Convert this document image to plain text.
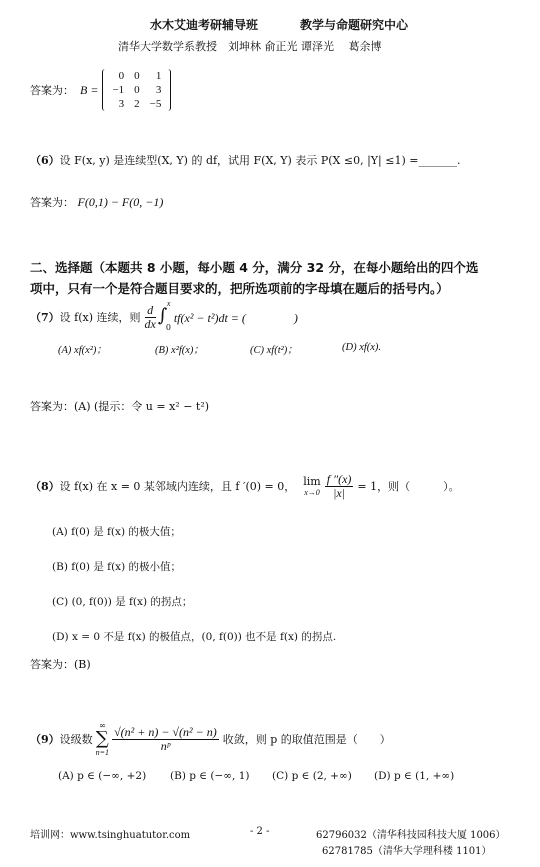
水木艾迪考研辅导班	教学与命题研究中心
清华大学数学系教授　刘坤林 俞正光 谭泽光　 葛余博
答案为： B =
0	0	1
−1	0	3
3	2	−5
（6）设 F(x, y) 是连续型(X, Y) 的 df，试用 F(X, Y) 表示 P(X ≤0, |Y| ≤1) =_______.
答案为： F(0,1) − F(0, −1)
二、选择题（本题共 8 小题，每小题 4 分，满分 32 分，在每小题给出的四个选
项中，只有一个是符合题目要求的，把所选项前的字母填在题后的括号内。）
（7） 设 f(x) 连续，则 $\frac{d}{dx}$ ∫
x
0
tf(x² − t²)dt = (　　　　)
(A) xf(x²)；	(B) x²f(x)；	(C) xf(t²)；	(D) xf(x).
答案为：(A) (提示：令 u = x² − t²)
（8） 设 f(x) 在 x = 0 某邻域内连续，且 f ′(0) = 0， lim
$x\to 0 \frac{f ''(x)}{|x|} = 1$，则（　　　）。
(A) f(0) 是 f(x) 的极大值；
(B) f(0) 是 f(x) 的极小值；
(C) (0, f(0)) 是 f(x) 的拐点；
(D) x = 0 不是 f(x) 的极值点，(0, f(0)) 也不是 f(x) 的拐点.
答案为：(B)
（9） 设级数
∞
∑
$n=1 \frac{\text{√(n² + n) − √(n² − n)}}{\text{nᵖ}}$ 收敛，则 p 的取值范围是（　　）
(A) p ∈ (−∞, +2) (B) p ∈ (−∞, 1) (C) p ∈ (2, +∞) (D) p ∈ (1, +∞)
培训网：www.tsinghuatutor.com	- 2 -	62796032（清华科技园科技大厦 1006）
62781785（清华大学理科楼 1101）
